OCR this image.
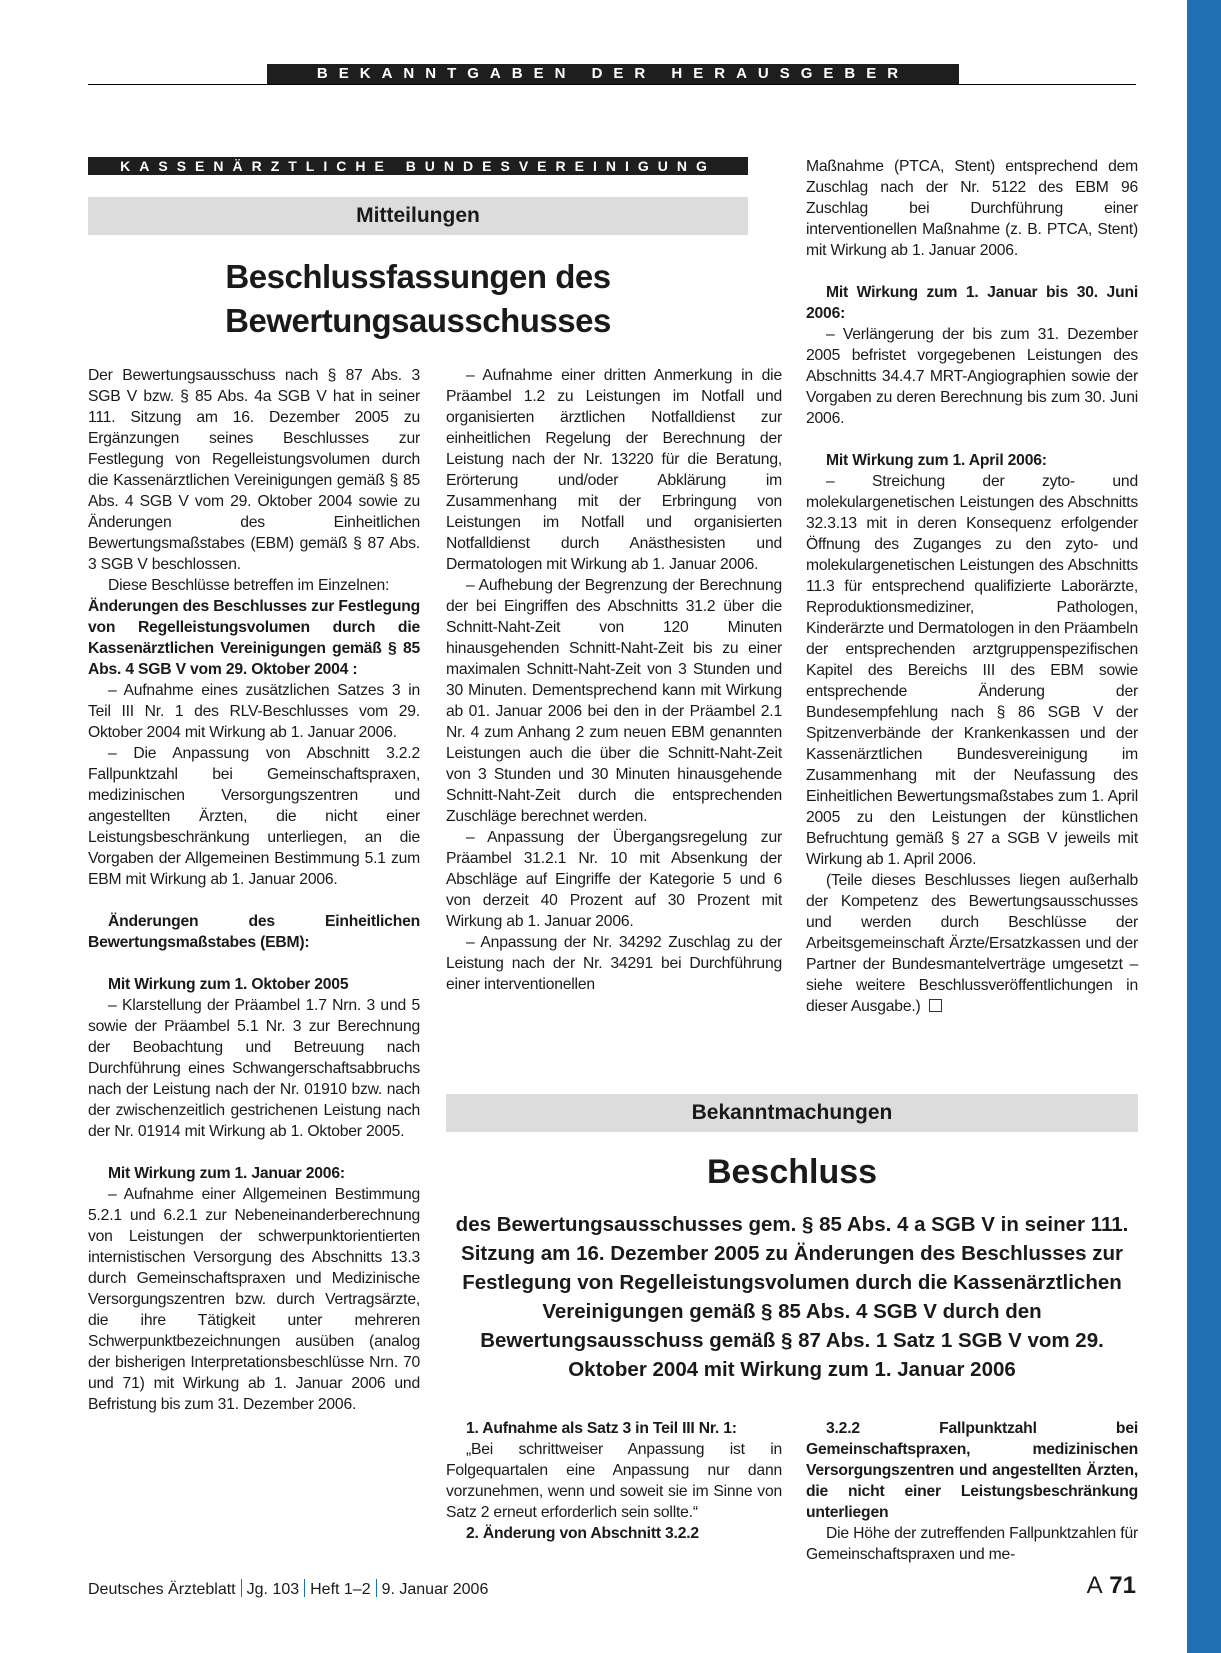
BEKANNTGABEN DER HERAUSGEBER
KASSENÄRZTLICHE BUNDESVEREINIGUNG
Mitteilungen
Beschlussfassungen des
Bewertungsausschusses

Der Bewertungsausschuss nach § 87 Abs. 3 SGB V bzw. § 85 Abs. 4a SGB V hat in seiner 111. Sitzung am 16. Dezember 2005 zu Ergänzungen seines Beschlusses zur Festlegung von Regelleistungsvolumen durch die Kassenärztlichen Vereinigungen gemäß § 85 Abs. 4 SGB V vom 29. Oktober 2004 sowie zu Änderungen des Einheitlichen Bewertungsmaßstabes (EBM) gemäß § 87 Abs. 3 SGB V beschlossen.

Diese Beschlüsse betreffen im Einzelnen:

Änderungen des Beschlusses zur Festlegung von Regelleistungsvolumen durch die Kassenärztlichen Vereinigungen gemäß § 85 Abs. 4 SGB V vom 29. Oktober 2004 :

– Aufnahme eines zusätzlichen Satzes 3 in Teil III Nr. 1 des RLV-Beschlusses vom 29. Oktober 2004 mit Wirkung ab 1. Januar 2006.

– Die Anpassung von Abschnitt 3.2.2 Fallpunktzahl bei Gemeinschaftspraxen, medizinischen Versorgungszentren und angestellten Ärzten, die nicht einer Leistungsbeschränkung unterliegen, an die Vorgaben der Allgemeinen Bestimmung 5.1 zum EBM mit Wirkung ab 1. Januar 2006.

Änderungen des Einheitlichen Bewertungsmaßstabes (EBM):

Mit Wirkung zum 1. Oktober 2005

– Klarstellung der Präambel 1.7 Nrn. 3 und 5 sowie der Präambel 5.1 Nr. 3 zur Berechnung der Beobachtung und Betreuung nach Durchführung eines Schwangerschaftsabbruchs nach der Leistung nach der Nr. 01910 bzw. nach der zwischenzeitlich gestrichenen Leistung nach der Nr. 01914 mit Wirkung ab 1. Oktober 2005.

Mit Wirkung zum 1. Januar 2006:

– Aufnahme einer Allgemeinen Bestimmung 5.2.1 und 6.2.1 zur Nebeneinanderberechnung von Leistungen der schwerpunktorientierten internistischen Versorgung des Abschnitts 13.3 durch Gemeinschaftspraxen und Medizinische Versorgungszentren bzw. durch Vertragsärzte, die ihre Tätigkeit unter mehreren Schwerpunktbezeichnungen ausüben (analog der bisherigen Interpretationsbeschlüsse Nrn. 70 und 71) mit Wirkung ab 1. Januar 2006 und Befristung bis zum 31. Dezember 2006.

– Aufnahme einer dritten Anmerkung in die Präambel 1.2 zu Leistungen im Notfall und organisierten ärztlichen Notfalldienst zur einheitlichen Regelung der Berechnung der Leistung nach der Nr. 13220 für die Beratung, Erörterung und/oder Abklärung im Zusammenhang mit der Erbringung von Leistungen im Notfall und organisierten Notfalldienst durch Anästhesisten und Dermatologen mit Wirkung ab 1. Januar 2006.

– Aufhebung der Begrenzung der Berechnung der bei Eingriffen des Abschnitts 31.2 über die Schnitt-Naht-Zeit von 120 Minuten hinausgehenden Schnitt-Naht-Zeit bis zu einer maximalen Schnitt-Naht-Zeit von 3 Stunden und 30 Minuten. Dementsprechend kann mit Wirkung ab 01. Januar 2006 bei den in der Präambel 2.1 Nr. 4 zum Anhang 2 zum neuen EBM genannten Leistungen auch die über die Schnitt-Naht-Zeit von 3 Stunden und 30 Minuten hinausgehende Schnitt-Naht-Zeit durch die entsprechenden Zuschläge berechnet werden.

– Anpassung der Übergangsregelung zur Präambel 31.2.1 Nr. 10 mit Absenkung der Abschläge auf Eingriffe der Kategorie 5 und 6 von derzeit 40 Prozent auf 30 Prozent mit Wirkung ab 1. Januar 2006.

– Anpassung der Nr. 34292 Zuschlag zu der Leistung nach der Nr. 34291 bei Durchführung einer interventionellen

Maßnahme (PTCA, Stent) entsprechend dem Zuschlag nach der Nr. 5122 des EBM 96 Zuschlag bei Durchführung einer interventionellen Maßnahme (z. B. PTCA, Stent) mit Wirkung ab 1. Januar 2006.

Mit Wirkung zum 1. Januar bis 30. Juni 2006:

– Verlängerung der bis zum 31. Dezember 2005 befristet vorgegebenen Leistungen des Abschnitts 34.4.7 MRT-Angiographien sowie der Vorgaben zu deren Berechnung bis zum 30. Juni 2006.

Mit Wirkung zum 1. April 2006:

– Streichung der zyto- und molekulargenetischen Leistungen des Abschnitts 32.3.13 mit in deren Konsequenz erfolgender Öffnung des Zuganges zu den zyto- und molekulargenetischen Leistungen des Abschnitts 11.3 für entsprechend qualifizierte Laborärzte, Reproduktionsmediziner, Pathologen, Kinderärzte und Dermatologen in den Präambeln der entsprechenden arztgruppenspezifischen Kapitel des Bereichs III des EBM sowie entsprechende Änderung der Bundesempfehlung nach § 86 SGB V der Spitzenverbände der Krankenkassen und der Kassenärztlichen Bundesvereinigung im Zusammenhang mit der Neufassung des Einheitlichen Bewertungsmaßstabes zum 1. April 2005 zu den Leistungen der künstlichen Befruchtung gemäß § 27 a SGB V jeweils mit Wirkung ab 1. April 2006.

(Teile dieses Beschlusses liegen außerhalb der Kompetenz des Bewertungsausschusses und werden durch Beschlüsse der Arbeitsgemeinschaft Ärzte/Ersatzkassen und der Partner der Bundesmantelverträge umgesetzt – siehe weitere Beschlussveröffentlichungen in dieser Ausgabe.)

Bekanntmachungen
Beschluss
des Bewertungsausschusses gem. § 85 Abs. 4 a SGB V in seiner 111. Sitzung am 16. Dezember 2005 zu Änderungen des Beschlusses zur Festlegung von Regelleistungsvolumen durch die Kassenärztlichen Vereinigungen gemäß § 85 Abs. 4 SGB V durch den Bewertungsausschuss gemäß § 87 Abs. 1 Satz 1 SGB V vom 29. Oktober 2004 mit Wirkung zum 1. Januar 2006

1. Aufnahme als Satz 3 in Teil III Nr. 1:

„Bei schrittweiser Anpassung ist in Folgequartalen eine Anpassung nur dann vorzunehmen, wenn und soweit sie im Sinne von Satz 2 erneut erforderlich sein sollte.“

2. Änderung von Abschnitt 3.2.2

3.2.2 Fallpunktzahl bei Gemeinschaftspraxen, medizinischen Versorgungszentren und angestellten Ärzten, die nicht einer Leistungsbeschränkung unterliegen

Die Höhe der zutreffenden Fallpunktzahlen für Gemeinschaftspraxen und me-

Deutsches Ärzteblatt Jg. 103 Heft 1–2 9. Januar 2006	A 71
